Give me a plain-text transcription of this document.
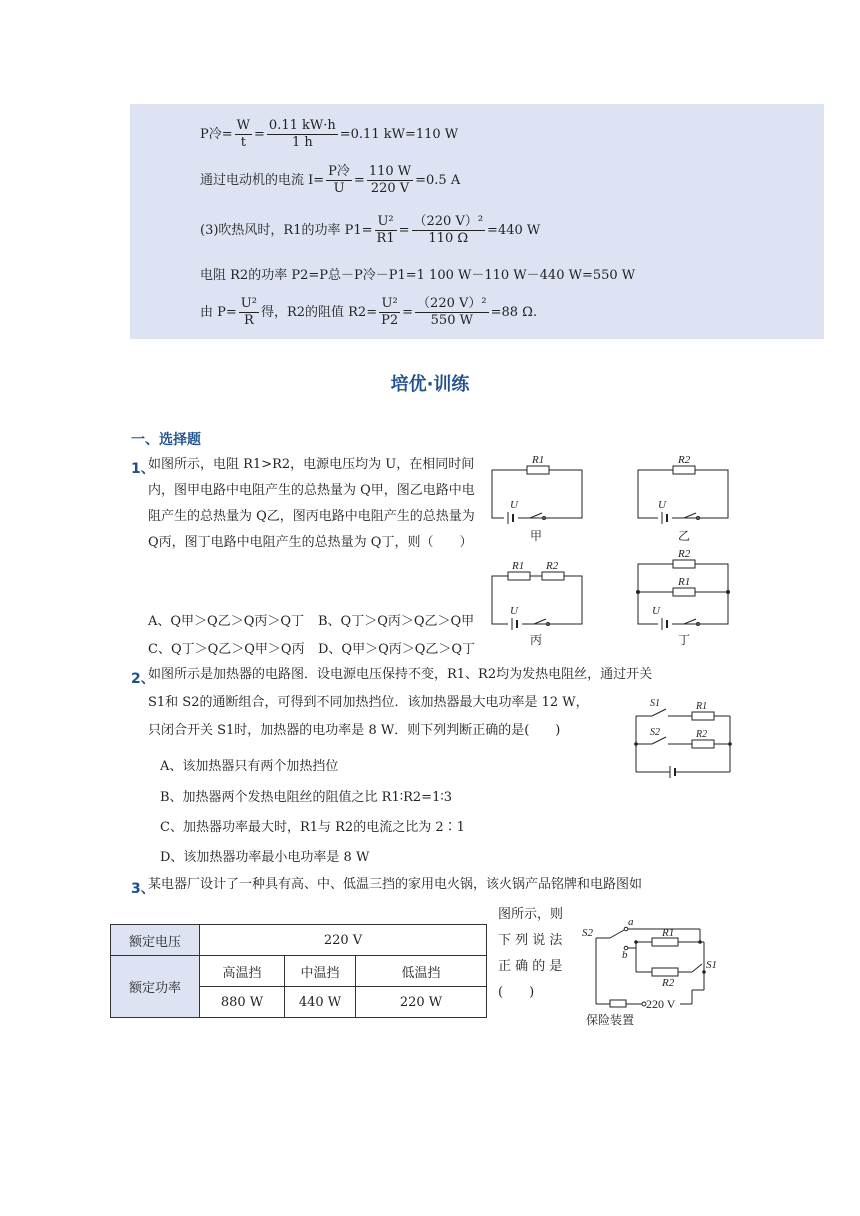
P冷= $\frac{W}{t} = \frac{0.11 kW\cdot h}{1 h} =0.11$ kW=110 W
通过电动机的电流 $I= \frac{\text{P冷}}{U} = \frac{110 W}{220 V} =0.5$ A
(3)吹热风时，R1的功率 $P1= \frac{\text{U²}}{R1} = \frac{\text{（220 V）²}}{110 \Omega} =440$ W
电阻 R2的功率 P2=P总－P冷－P1=1 100 W－110 W－440 W=550 W
由 $P= \frac{\text{U²}}{R}$ 得，R2的阻值 $R2= \frac{\text{U²}}{P2} = \frac{\text{（220 V）²}}{550 W} =88$ Ω.
培优·训练
一、选择题
1、
如图所示，电阻 R1>R2，电源电压均为 U，在相同时间内，图甲电路中电阻产生的总热量为 Q甲，图乙电路中电阻产生的总热量为 Q乙，图丙电路中电阻产生的总热量为 Q丙，图丁电路中电阻产生的总热量为 Q丁，则（　　）
A、Q甲＞Q乙＞Q丙＞Q丁 B、Q丁＞Q丙＞Q乙＞Q甲
C、Q丁＞Q乙＞Q甲＞Q丙 D、Q甲＞Q丙＞Q乙＞Q丁
R1	R2
R1 R2
R2
R1
U	U
U	U
甲	乙
丙	丁
2、
如图所示是加热器的电路图．设电源电压保持不变，R1、R2均为发热电阻丝，通过开关
S1和 S2的通断组合，可得到不同加热挡位．该加热器最大电功率是 12 W，
只闭合开关 S1时，加热器的电功率是 8 W．则下列判断正确的是(　　)
A、该加热器只有两个加热挡位
B、加热器两个发热电阻丝的阻值之比 R1∶R2=1∶3
C、加热器功率最大时，R1与 R2的电流之比为 2∶1
D、该加热器功率最小电功率是 8 W
S1
S2
R1
R2
3、
某电器厂设计了一种具有高、中、低温三挡的家用电火锅，该火锅产品铭牌和电路图如
图所示，则
下 列 说 法
正 确 的 是
(　　)
额定电压	220 V		
额定功率	高温挡	中温挡	低温挡
	880 W	440 W	220 W
S2
a
b
R1
R2
S1
220 V
保险装置
